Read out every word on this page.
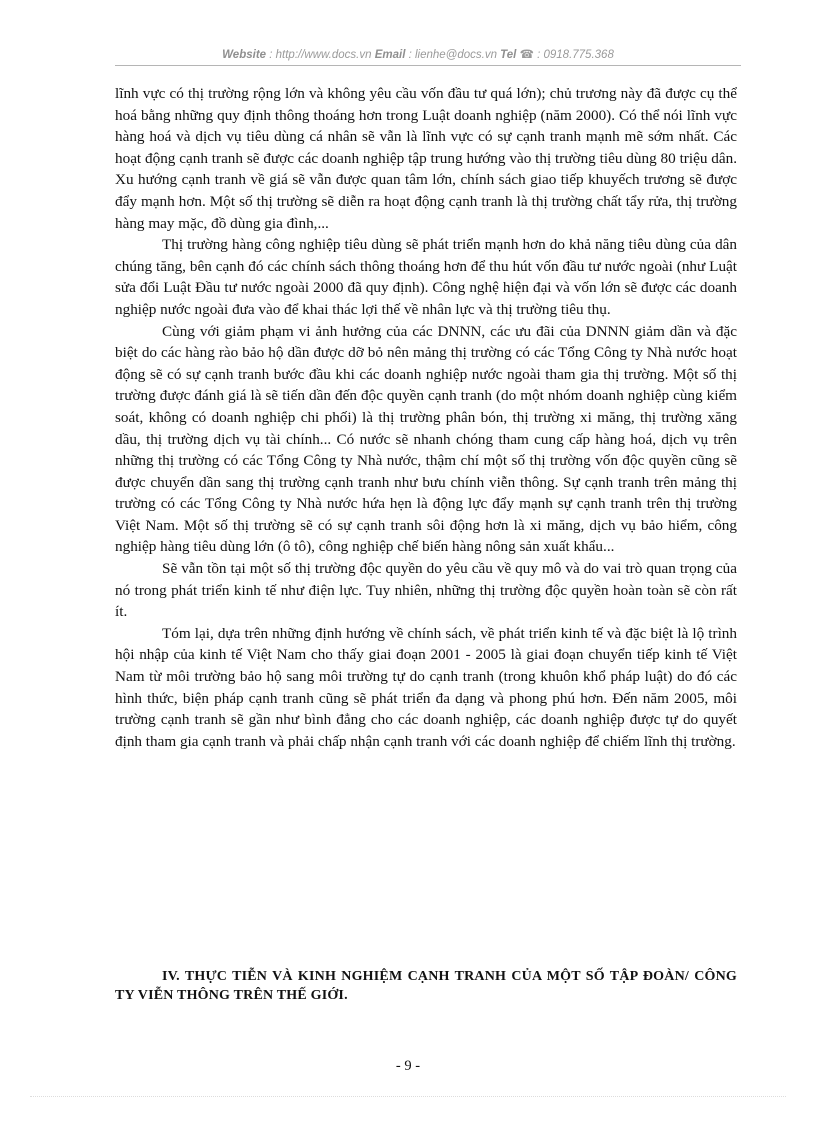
Website : http://www.docs.vn Email : lienhe@docs.vn Tel ☎ : 0918.775.368

lĩnh vực có thị trường rộng lớn và không yêu cầu vốn đầu tư quá lớn); chủ trương này đã được cụ thể hoá bằng những quy định thông thoáng hơn trong Luật doanh nghiệp (năm 2000). Có thể nói lĩnh vực hàng hoá và dịch vụ tiêu dùng cá nhân sẽ vẫn là lĩnh vực có sự cạnh tranh mạnh mẽ sớm nhất. Các hoạt động cạnh tranh sẽ được các doanh nghiệp tập trung hướng vào thị trường tiêu dùng 80 triệu dân. Xu hướng cạnh tranh về giá sẽ vẫn được quan tâm lớn, chính sách giao tiếp khuyếch trương sẽ được đẩy mạnh hơn. Một số thị trường sẽ diễn ra hoạt động cạnh tranh là thị trường chất tẩy rửa, thị trường hàng may mặc, đồ dùng gia đình,...

Thị trường hàng công nghiệp tiêu dùng sẽ phát triển mạnh hơn do khả năng tiêu dùng của dân chúng tăng, bên cạnh đó các chính sách thông thoáng hơn để thu hút vốn đầu tư nước ngoài (như Luật sửa đổi Luật Đầu tư nước ngoài 2000 đã quy định). Công nghệ hiện đại và vốn lớn sẽ được các doanh nghiệp nước ngoài đưa vào để khai thác lợi thế về nhân lực và thị trường tiêu thụ.

Cùng với giảm phạm vi ảnh hưởng của các DNNN, các ưu đãi của DNNN giảm dần và đặc biệt do các hàng rào bảo hộ dần được dỡ bỏ nên mảng thị trường có các Tổng Công ty Nhà nước hoạt động sẽ có sự cạnh tranh bước đầu khi các doanh nghiệp nước ngoài tham gia thị trường. Một số thị trường được đánh giá là sẽ tiến dần đến độc quyền cạnh tranh (do một nhóm doanh nghiệp cùng kiểm soát, không có doanh nghiệp chi phối) là thị trường phân bón, thị trường xi măng, thị trường xăng dầu, thị trường dịch vụ tài chính... Có nước sẽ nhanh chóng tham cung cấp hàng hoá, dịch vụ trên những thị trường có các Tổng Công ty Nhà nước, thậm chí một số thị trường vốn độc quyền cũng sẽ được chuyển dần sang thị trường cạnh tranh như bưu chính viễn thông. Sự cạnh tranh trên mảng thị trường có các Tổng Công ty Nhà nước hứa hẹn là động lực đẩy mạnh sự cạnh tranh trên thị trường Việt Nam. Một số thị trường sẽ có sự cạnh tranh sôi động hơn là xi măng, dịch vụ bảo hiểm, công nghiệp hàng tiêu dùng lớn (ô tô), công nghiệp chế biến hàng nông sản xuất khẩu...

Sẽ vẫn tồn tại một số thị trường độc quyền do yêu cầu về quy mô và do vai trò quan trọng của nó trong phát triển kinh tế như điện lực. Tuy nhiên, những thị trường độc quyền hoàn toàn sẽ còn rất ít.

Tóm lại, dựa trên những định hướng về chính sách, về phát triển kinh tế và đặc biệt là lộ trình hội nhập của kinh tế Việt Nam cho thấy giai đoạn 2001 - 2005 là giai đoạn chuyển tiếp kinh tế Việt Nam từ môi trường bảo hộ sang môi trường tự do cạnh tranh (trong khuôn khổ pháp luật) do đó các hình thức, biện pháp cạnh tranh cũng sẽ phát triển đa dạng và phong phú hơn. Đến năm 2005, môi trường cạnh tranh sẽ gần như bình đẳng cho các doanh nghiệp, các doanh nghiệp được tự do quyết định tham gia cạnh tranh và phải chấp nhận cạnh tranh với các doanh nghiệp để chiếm lĩnh thị trường.

IV. THỰC TIỄN VÀ KINH NGHIỆM CẠNH TRANH CỦA MỘT SỐ TẬP ĐOÀN/ CÔNG TY VIỄN THÔNG TRÊN THẾ GIỚI.
- 9 -
